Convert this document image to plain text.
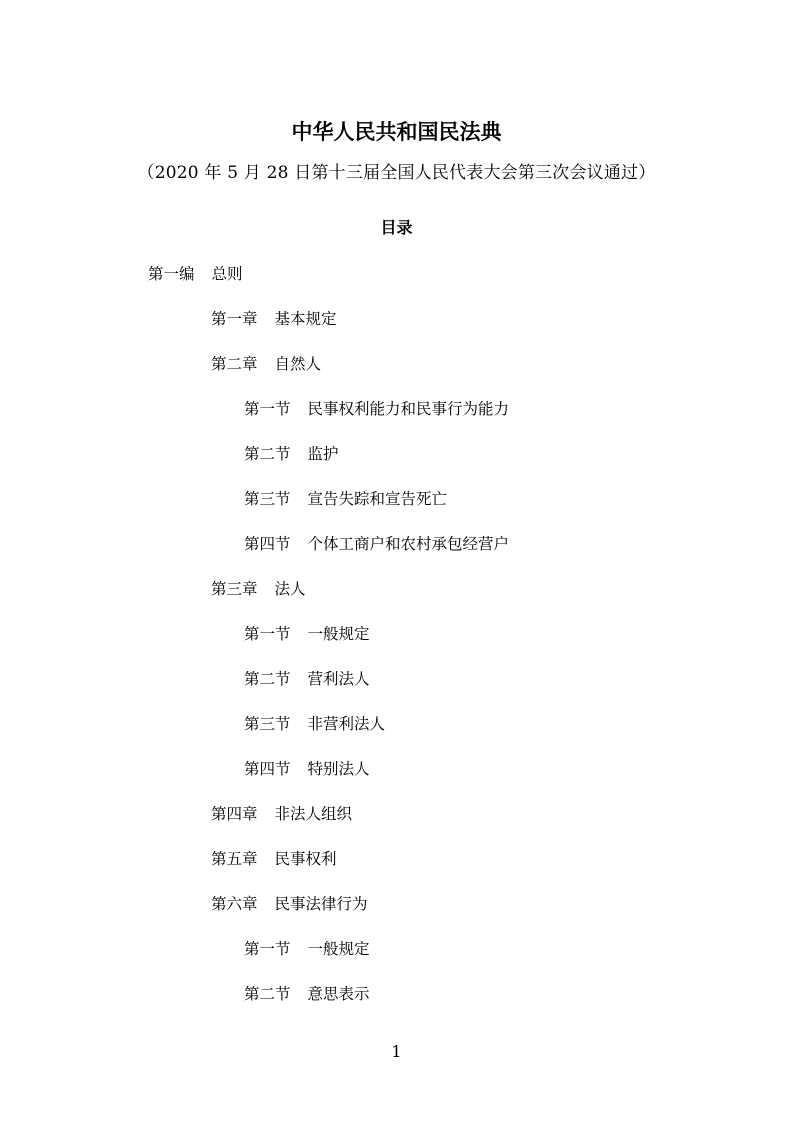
中华人民共和国民法典
（2020 年 5 月 28 日第十三届全国人民代表大会第三次会议通过）
目录
第一编 总则
第一章 基本规定
第二章 自然人
第一节 民事权利能力和民事行为能力
第二节 监护
第三节 宣告失踪和宣告死亡
第四节 个体工商户和农村承包经营户
第三章 法人
第一节 一般规定
第二节 营利法人
第三节 非营利法人
第四节 特别法人
第四章 非法人组织
第五章 民事权利
第六章 民事法律行为
第一节 一般规定
第二节 意思表示
1
